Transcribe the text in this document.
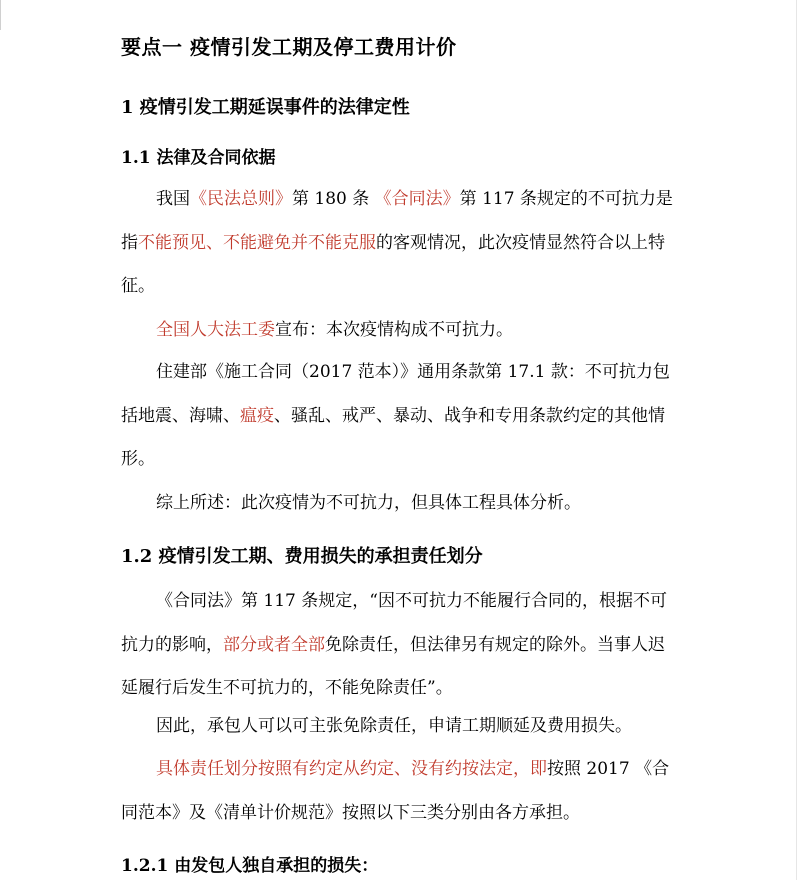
要点一 疫情引发工期及停工费用计价
1 疫情引发工期延误事件的法律定性
1.1 法律及合同依据

我国《民法总则》第 180 条 《合同法》第 117 条规定的不可抗力是指不能预见、不能避免并不能克服的客观情况，此次疫情显然符合以上特征。

全国人大法工委宣布：本次疫情构成不可抗力。

住建部《施工合同（2017 范本）》通用条款第 17.1 款：不可抗力包括地震、海啸、瘟疫、骚乱、戒严、暴动、战争和专用条款约定的其他情形。

综上所述：此次疫情为不可抗力，但具体工程具体分析。

1.2 疫情引发工期、费用损失的承担责任划分

《合同法》第 117 条规定，“因不可抗力不能履行合同的，根据不可抗力的影响，部分或者全部免除责任，但法律另有规定的除外。当事人迟延履行后发生不可抗力的，不能免除责任”。

因此，承包人可以可主张免除责任，申请工期顺延及费用损失。

具体责任划分按照有约定从约定、没有约按法定，即按照 2017 《合同范本》及《清单计价规范》按照以下三类分别由各方承担。

1.2.1 由发包人独自承担的损失：
